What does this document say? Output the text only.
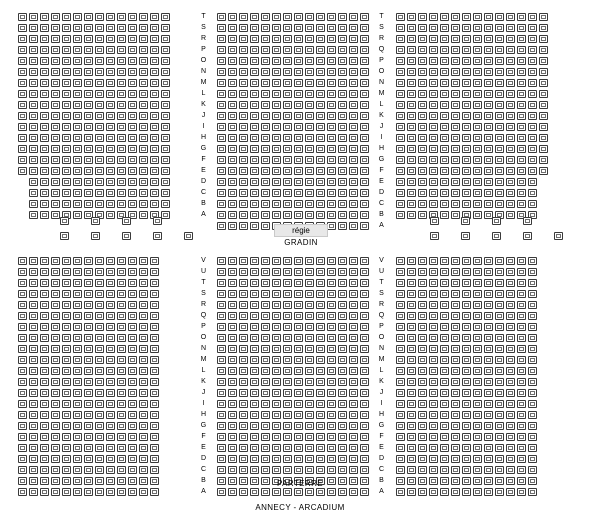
T
S
R
P
O
N
M
L
K
J
I
H
G
F
E
D
C
B
A
T
S
R
Q
P
O
N
M
L
K
J
I
H
G
F
E
D
C
B
A
régie
GRADIN
V
U
T
S
R
Q
P
O
N
M
L
K
J
I
H
G
F
E
D
C
B
A
V
U
T
S
R
Q
P
O
N
M
L
K
J
I
H
G
F
E
D
C
B
A
PARTERRE
ANNECY - ARCADIUM
